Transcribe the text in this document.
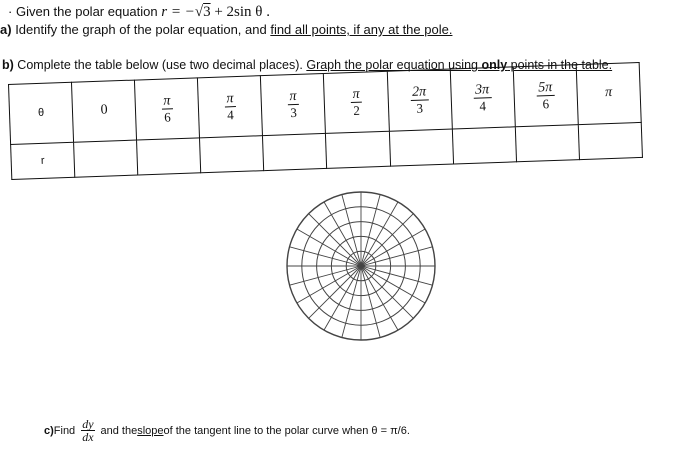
· Given the polar equation r = −√3 + 2sin θ .
a) Identify the graph of the polar equation, and find all points, if any at the pole.
b) Complete the table below (use two decimal places). Graph the polar equation using only points in the table.
θ	0	$\frac{\pi}{6}$	$\frac{\pi}{4}$	$\frac{\pi}{3}$	$\frac{\pi}{2}$	$\frac{2\pi}{3}$	$\frac{3\pi}{4}$	$\frac{5\pi}{6}$	π
r									
c) Find $\frac{dy}{dx}$ and the slope of the tangent line to the polar curve when θ = π/6.
